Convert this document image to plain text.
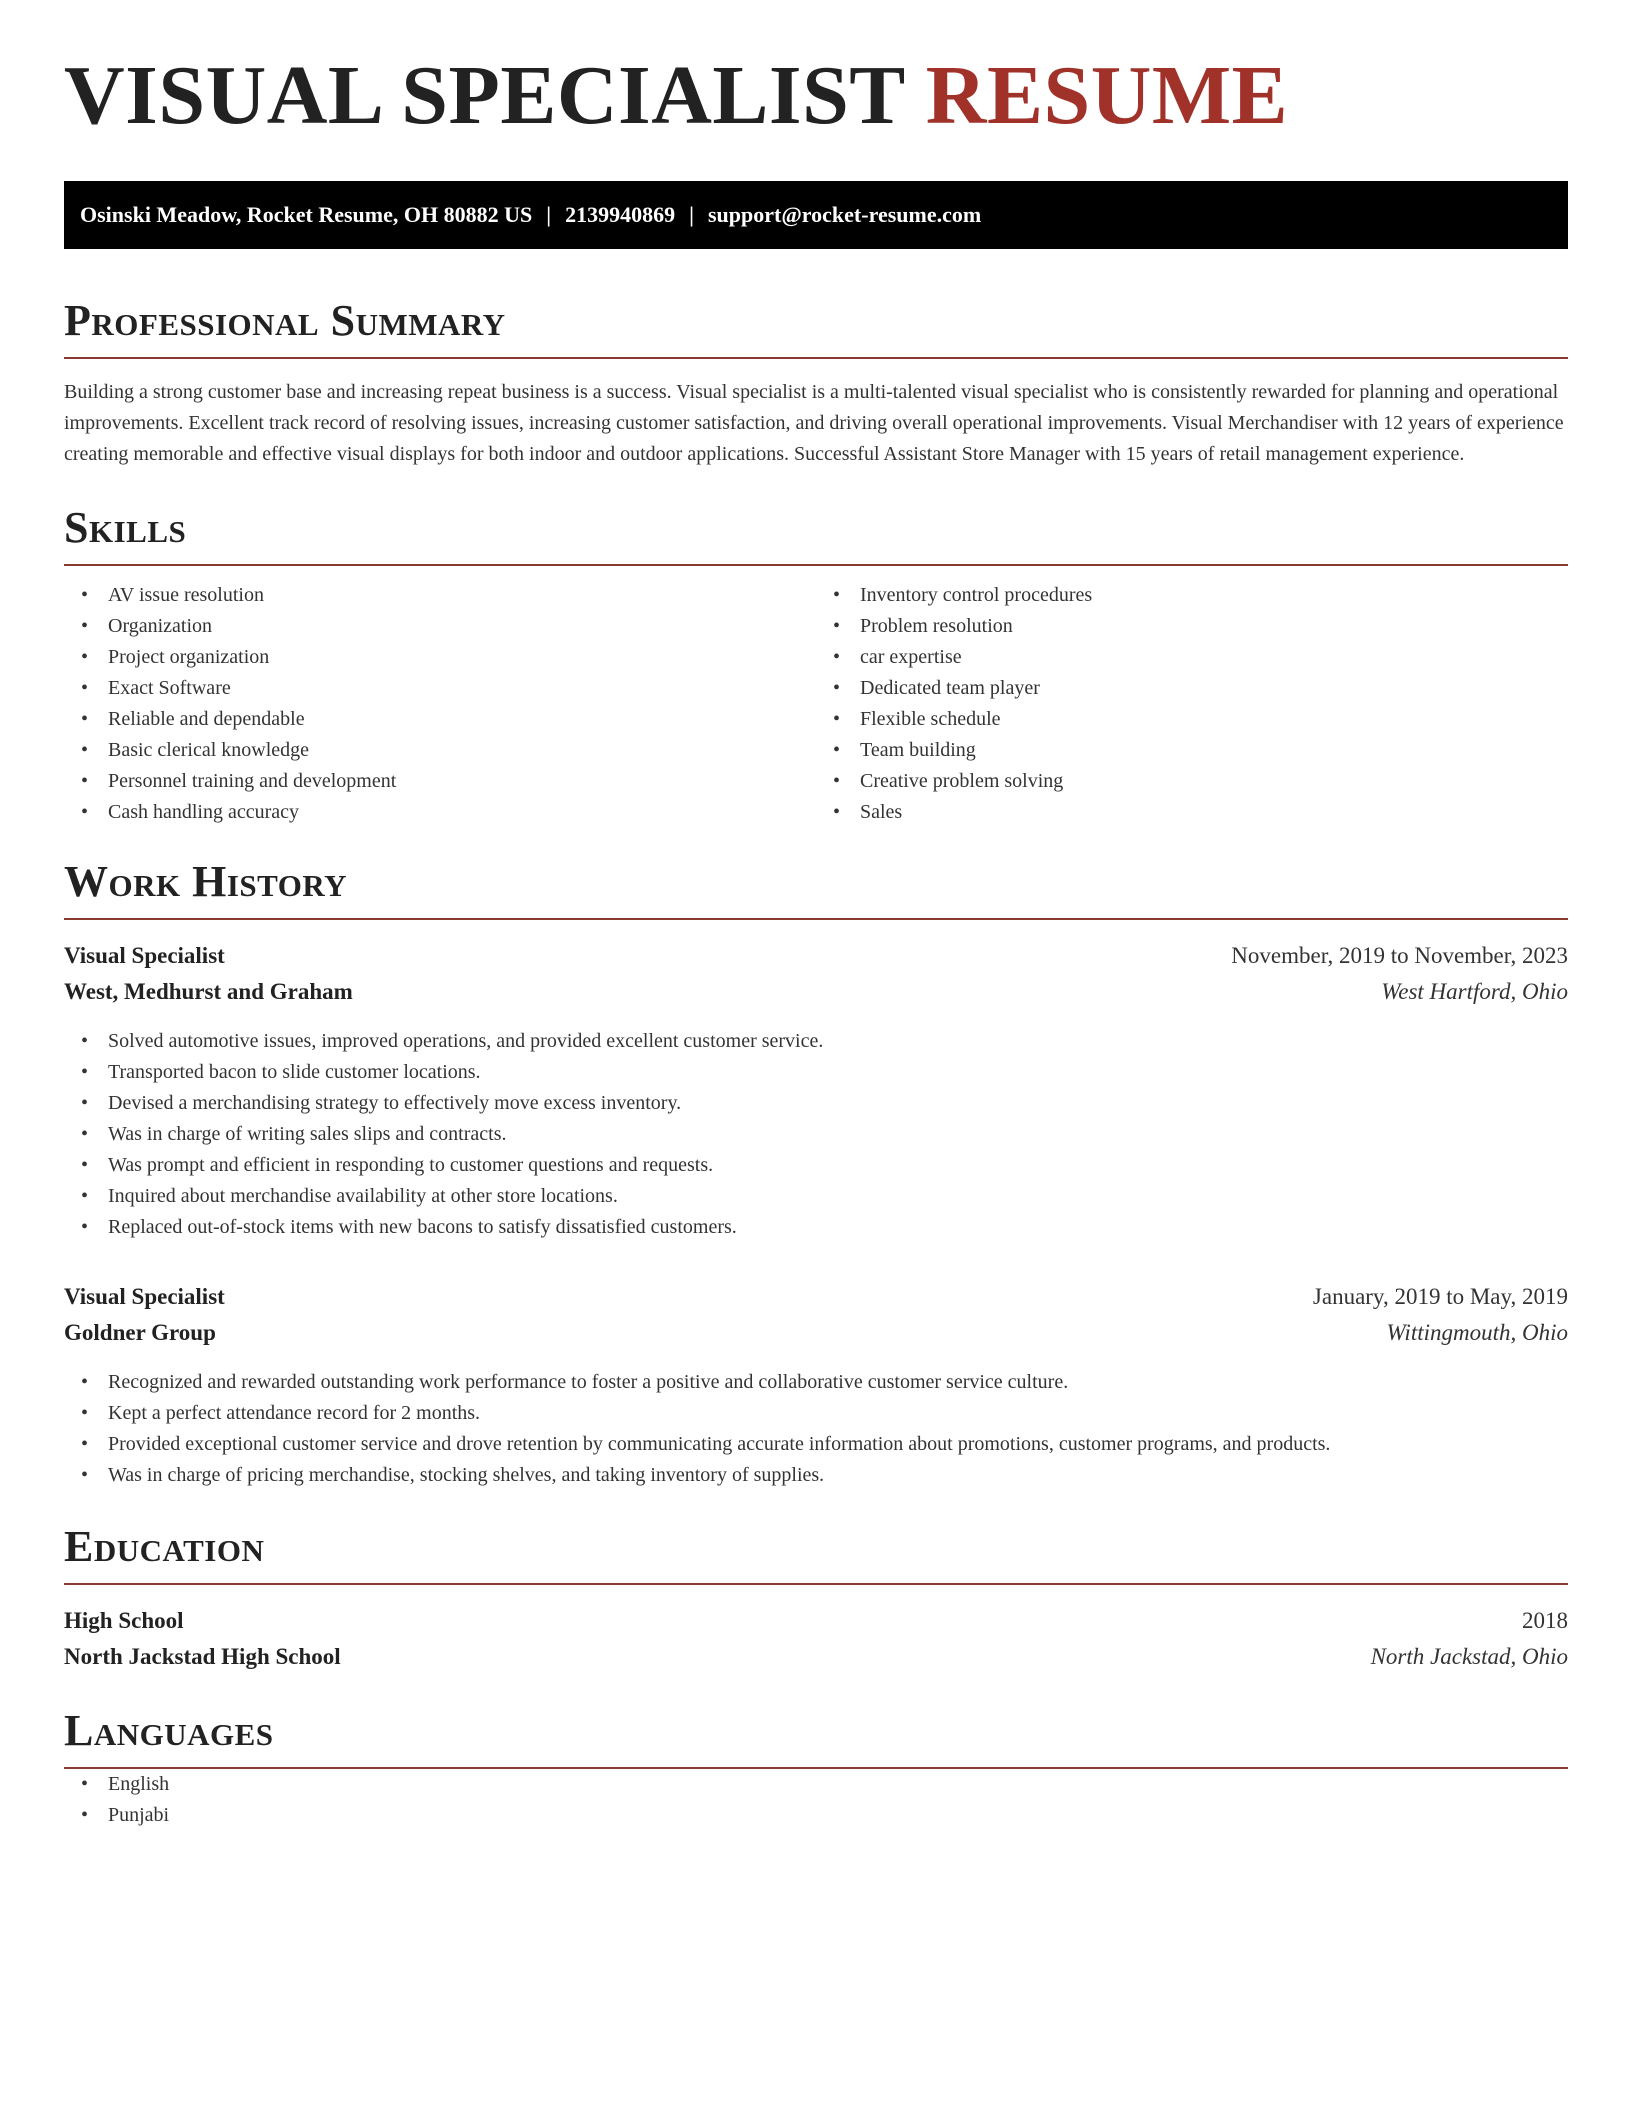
VISUAL SPECIALIST RESUME
Osinski Meadow, Rocket Resume, OH 80882 US | 2139940869 | support@rocket-resume.com
Professional Summary

Building a strong customer base and increasing repeat business is a success. Visual specialist is a multi-talented visual specialist who is consistently rewarded for planning and operational improvements. Excellent track record of resolving issues, increasing customer satisfaction, and driving overall operational improvements. Visual Merchandiser with 12 years of experience creating memorable and effective visual displays for both indoor and outdoor applications. Successful Assistant Store Manager with 15 years of retail management experience.

Skills
• AV issue resolution
• Organization
• Project organization
• Exact Software
• Reliable and dependable
• Basic clerical knowledge
• Personnel training and development
• Cash handling accuracy
• Inventory control procedures
• Problem resolution
• car expertise
• Dedicated team player
• Flexible schedule
• Team building
• Creative problem solving
• Sales
Work History
Visual Specialist	November, 2019 to November, 2023
West, Medhurst and Graham	West Hartford, Ohio
• Solved automotive issues, improved operations, and provided excellent customer service.
• Transported bacon to slide customer locations.
• Devised a merchandising strategy to effectively move excess inventory.
• Was in charge of writing sales slips and contracts.
• Was prompt and efficient in responding to customer questions and requests.
• Inquired about merchandise availability at other store locations.
• Replaced out-of-stock items with new bacons to satisfy dissatisfied customers.
Visual Specialist	January, 2019 to May, 2019
Goldner Group	Wittingmouth, Ohio
• Recognized and rewarded outstanding work performance to foster a positive and collaborative customer service culture.
• Kept a perfect attendance record for 2 months.
• Provided exceptional customer service and drove retention by communicating accurate information about promotions, customer programs, and products.
• Was in charge of pricing merchandise, stocking shelves, and taking inventory of supplies.
Education
High School	2018
North Jackstad High School	North Jackstad, Ohio
Languages
• English
• Punjabi
